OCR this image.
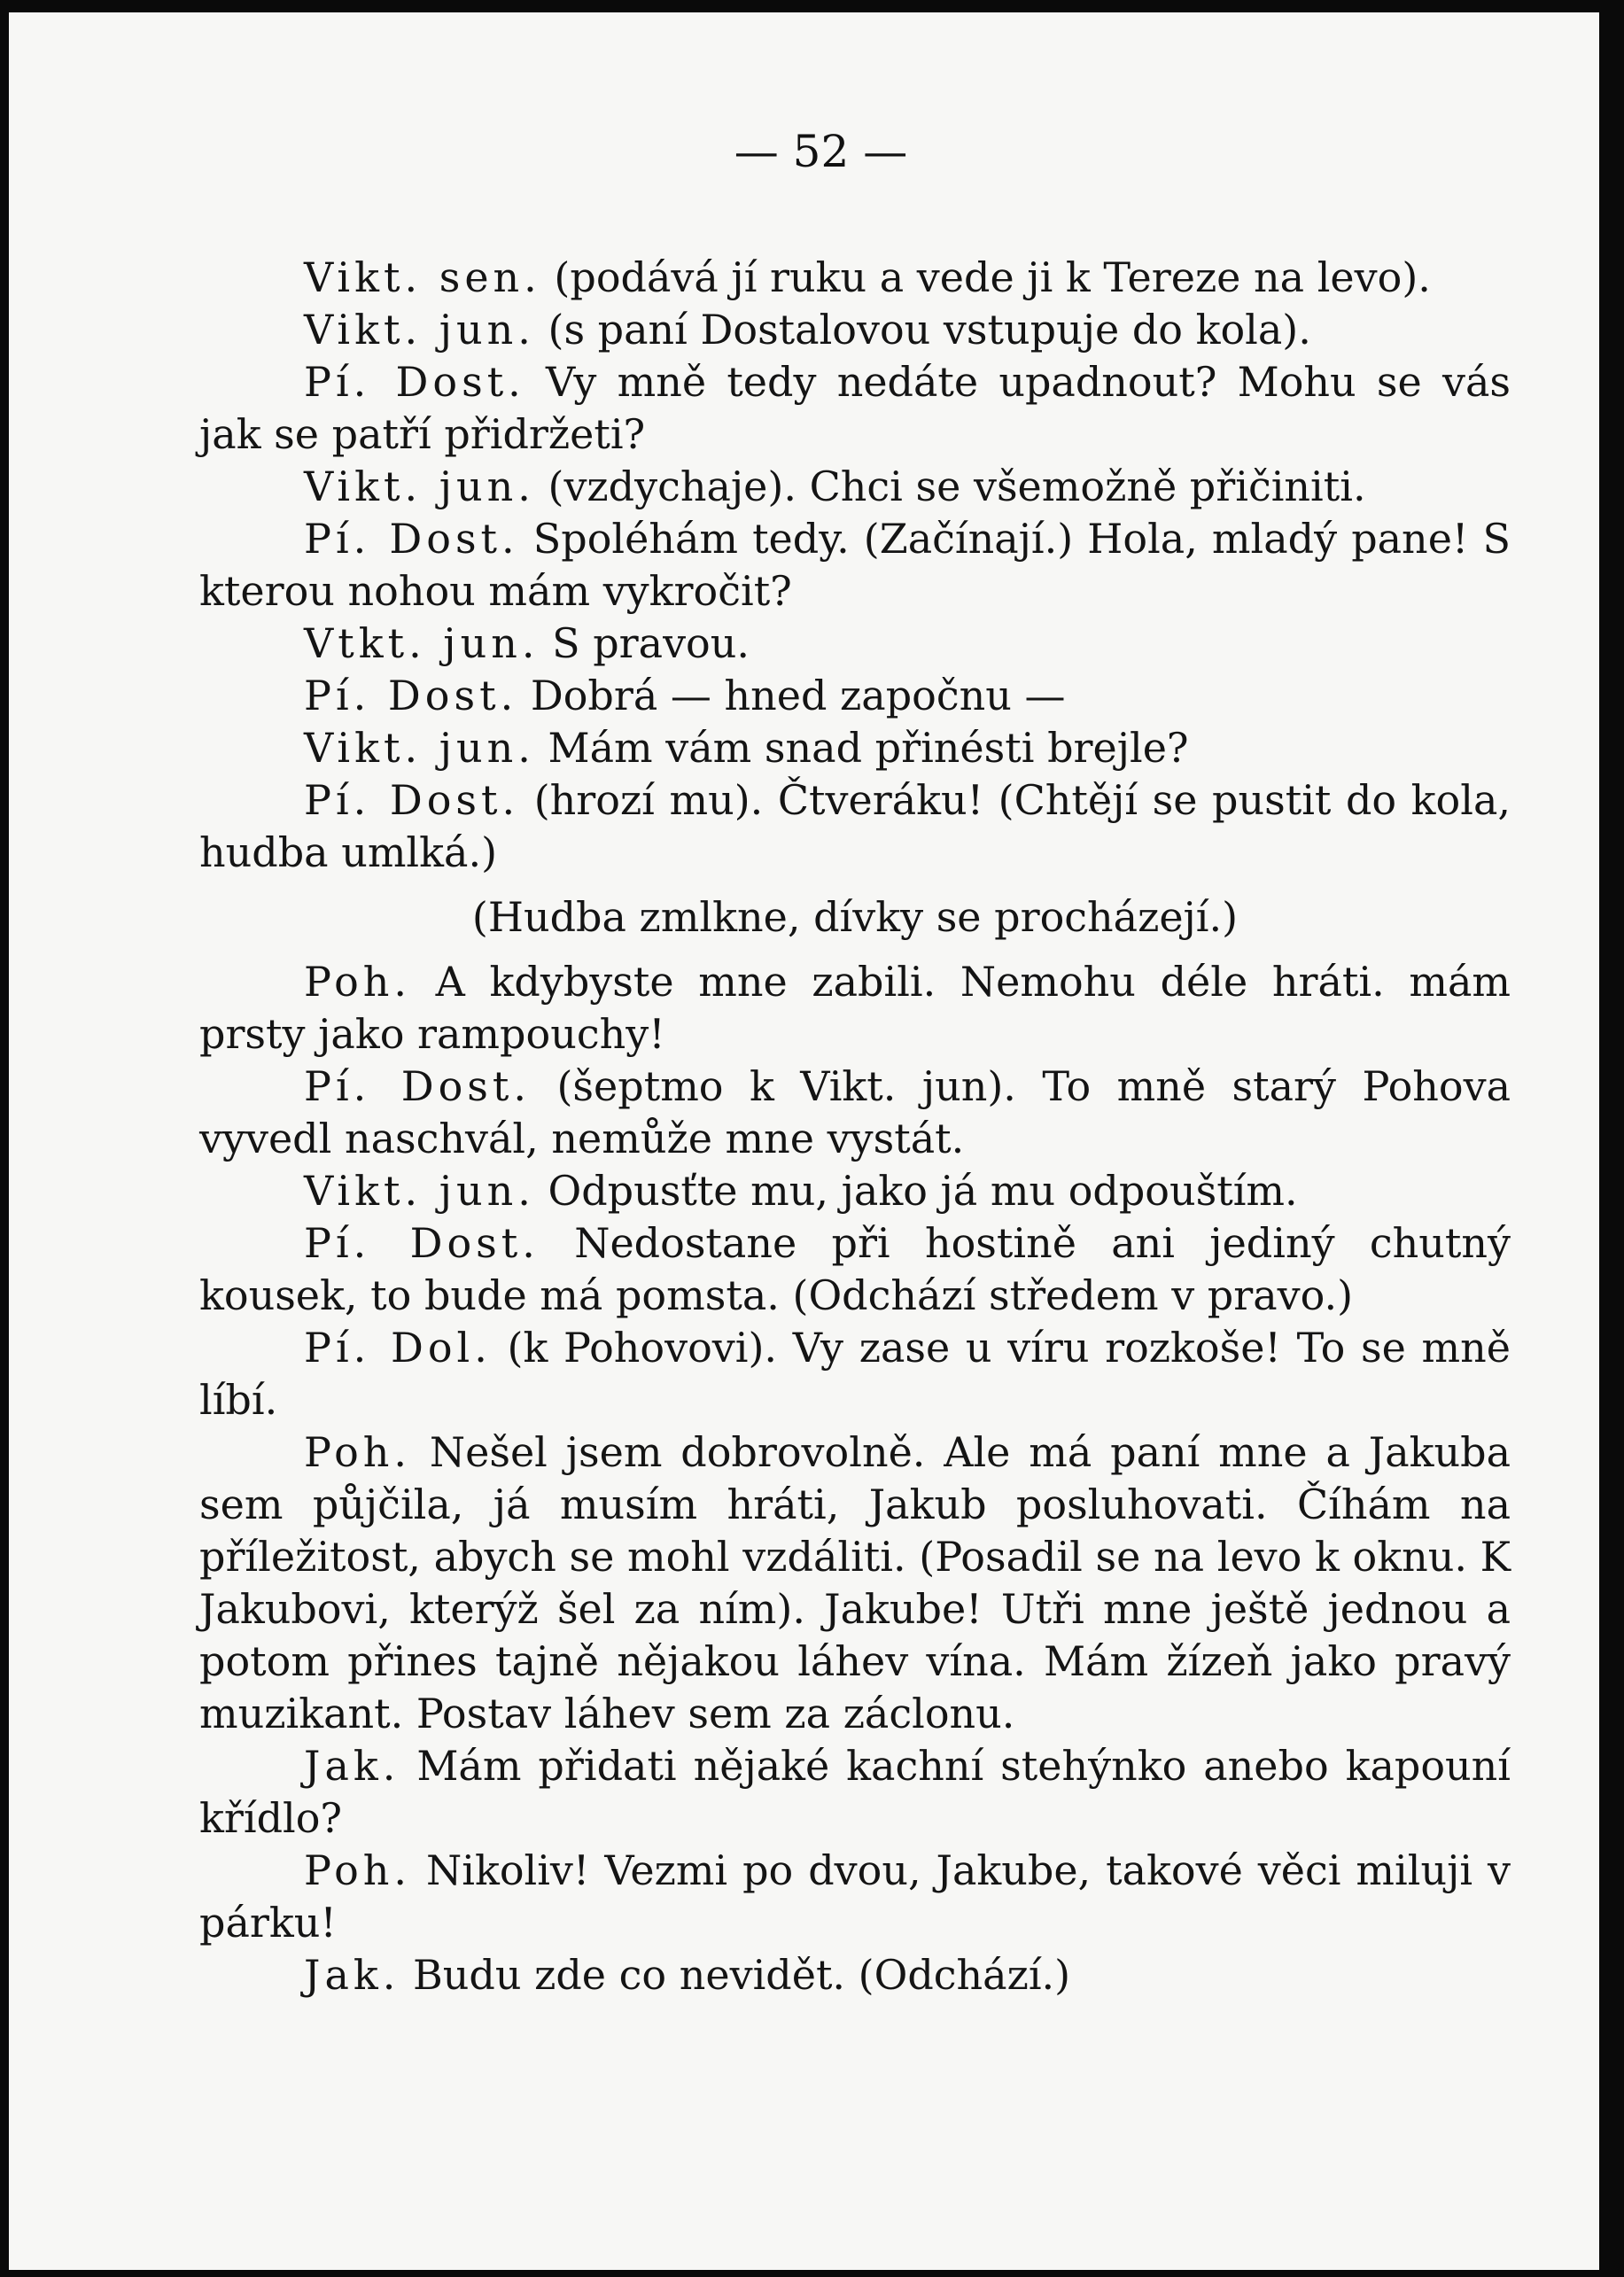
— 52 —

Vikt. sen. (podává jí ruku a vede ji k Tereze na levo).

Vikt. jun. (s paní Dostalovou vstupuje do kola).

Pí. Dost. Vy mně tedy nedáte upadnout? Mohu se vás jak se patří přidržeti?

Vikt. jun. (vzdychaje). Chci se všemožně přičiniti.

Pí. Dost. Spoléhám tedy. (Začínají.) Hola, mladý pane! S kterou nohou mám vykročit?

Vtkt. jun. S pravou.

Pí. Dost. Dobrá — hned započnu —

Vikt. jun. Mám vám snad přinésti brejle?

Pí. Dost. (hrozí mu). Čtveráku! (Chtějí se pustit do kola, hudba umlká.)

(Hudba zmlkne, dívky se procházejí.)

Poh. A kdybyste mne zabili. Nemohu déle hráti. mám prsty jako rampouchy!

Pí. Dost. (šeptmo k Vikt. jun). To mně starý Pohova vyvedl naschvál, nemůže mne vystát.

Vikt. jun. Odpusťte mu, jako já mu odpouštím.

Pí. Dost. Nedostane při hostině ani jediný chutný kousek, to bude má pomsta. (Odchází středem v pravo.)

Pí. Dol. (k Pohovovi). Vy zase u víru rozkoše! To se mně líbí.

Poh. Nešel jsem dobrovolně. Ale má paní mne a Jakuba sem půjčila, já musím hráti, Jakub posluhovati. Číhám na příležitost, abych se mohl vzdáliti. (Posadil se na levo k oknu. K Jakubovi, kterýž šel za ním). Jakube! Utři mne ještě jednou a potom přines tajně nějakou láhev vína. Mám žízeň jako pravý muzikant. Postav láhev sem za záclonu.

Jak. Mám přidati nějaké kachní stehýnko anebo kapouní křídlo?

Poh. Nikoliv! Vezmi po dvou, Jakube, takové věci miluji v párku!

Jak. Budu zde co nevidět. (Odchází.)
